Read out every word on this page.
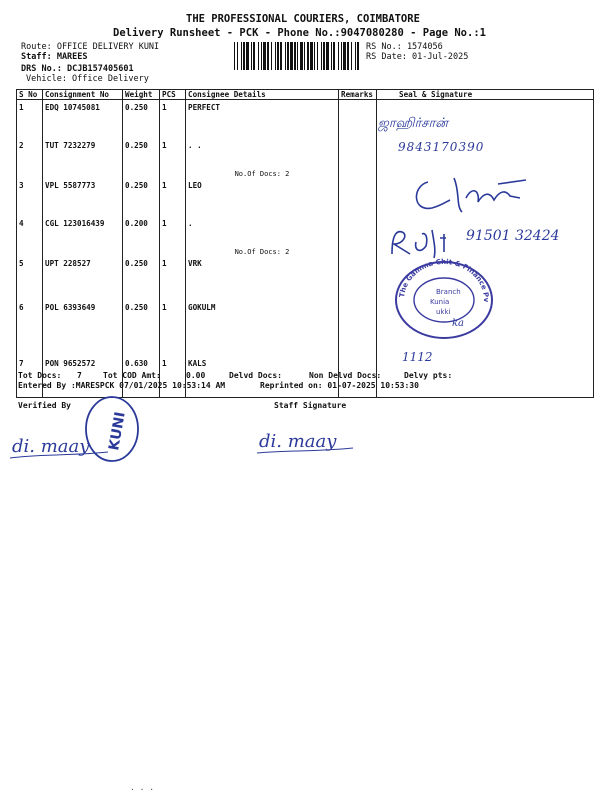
THE PROFESSIONAL COURIERS, COIMBATORE
Delivery Runsheet - PCK - Phone No.:9047080280 - Page No.:1
Route: OFFICE DELIVERY KUNI
Staff: MAREES
DRS No.: DCJB157405601
Vehicle: Office Delivery
RS No.: 1574056
RS Date: 01-Jul-2025
S No	Consignment No	Weight	PCS	Consignee Details	Remarks	Seal & Signature
1	EDQ 10745081	0.250	1	PERFECT		
2	TUT 7232279	0.250	1	. .
No.Of Docs: 2		

3	VPL 5587773	0.250	1	LEO		
4	CGL 123016439	0.200	1	.
No.Of Docs: 2		

5	UPT 228527	0.250	1	VRK		
6	POL 6393649	0.250	1	GOKULM		
7	PON 9652572	0.630	1	KALS		
ஜாஹிர்சான்
9843170390
91501 32424
The Gamma Chit & Finance Pv
Branch
Kunia
ukki
ka
1112
Tot Docs: 7	Tot COD Amt:	0.00	Delvd Docs:	Non Delvd Docs:	Delvy pts:
Entered By :MARESPCK 07/01/2025 10:53:14 AM	Reprinted on: 01-07-2025 10:53:30
Verified By	Staff Signature
KUNI
di. maay	di. maay
· · ·
